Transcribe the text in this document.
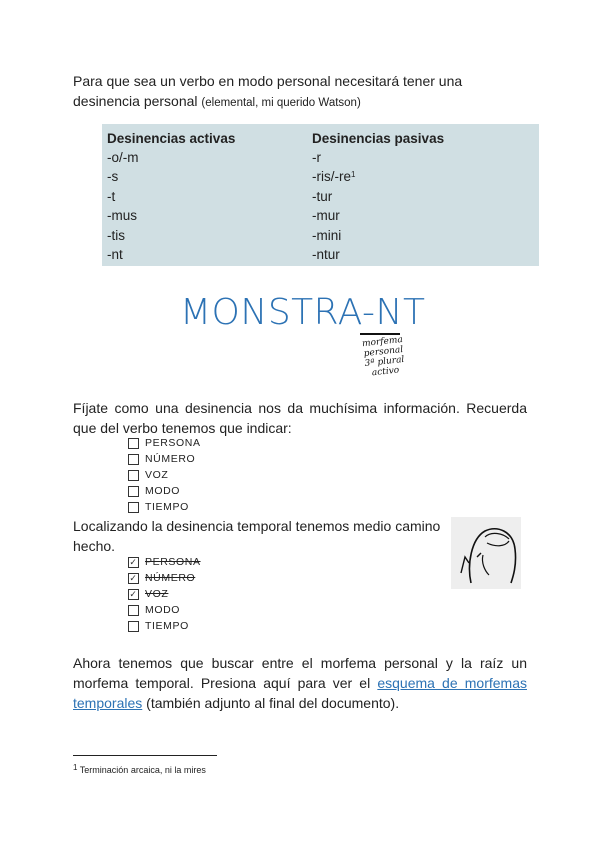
Para que sea un verbo en modo personal necesitará tener una desinencia personal (elemental, mi querido Watson)
Desinencias activas	Desinencias pasivas
-o/-m	-r
-s	$-ris/-re^1$
-t	-tur
-mus	-mur
-tis	-mini
-nt	-ntur
MONSTRA-NT
morfema
personal
3ª plural
activo
Fíjate como una desinencia nos da muchísima información. Recuerda que del verbo tenemos que indicar:
PERSONA
NÚMERO
VOZ
MODO
TIEMPO
Localizando la desinencia temporal tenemos medio camino hecho.
✓ PERSONA
✓ NÚMERO
✓ VOZ
MODO
TIEMPO
Ahora tenemos que buscar entre el morfema personal y la raíz un morfema temporal. Presiona aquí para ver el esquema de morfemas temporales (también adjunto al final del documento).
$^1$ Terminación arcaica, ni la mires
